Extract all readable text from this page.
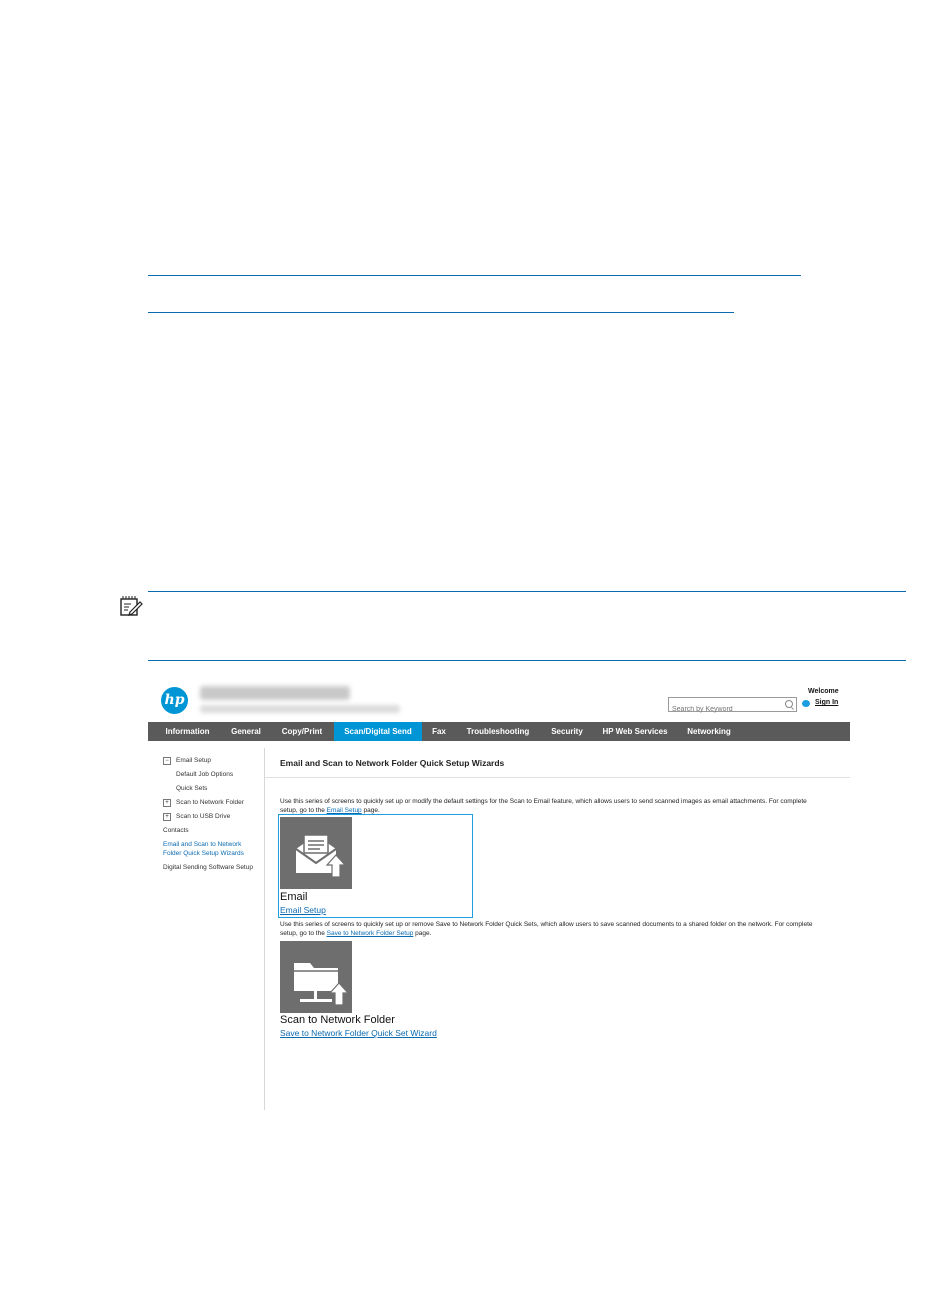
hp
Search by Keyword
Welcome
Sign In
Information	General	Copy/Print	Scan/Digital Send	Fax	Troubleshooting	Security	HP Web Services	Networking
−	Email Setup
Default Job Options
Quick Sets
+	Scan to Network Folder
+	Scan to USB Drive
Contacts
Email and Scan to Network
Folder Quick Setup Wizards
Digital Sending Software Setup
Email and Scan to Network Folder Quick Setup Wizards
Use this series of screens to quickly set up or modify the default settings for the Scan to Email feature, which allows users to send scanned images as email attachments. For complete
setup, go to the Email Setup page.
Email
Email Setup
Use this series of screens to quickly set up or remove Save to Network Folder Quick Sets, which allow users to save scanned documents to a shared folder on the network. For complete
setup, go to the Save to Network Folder Setup page.
Scan to Network Folder
Save to Network Folder Quick Set Wizard
